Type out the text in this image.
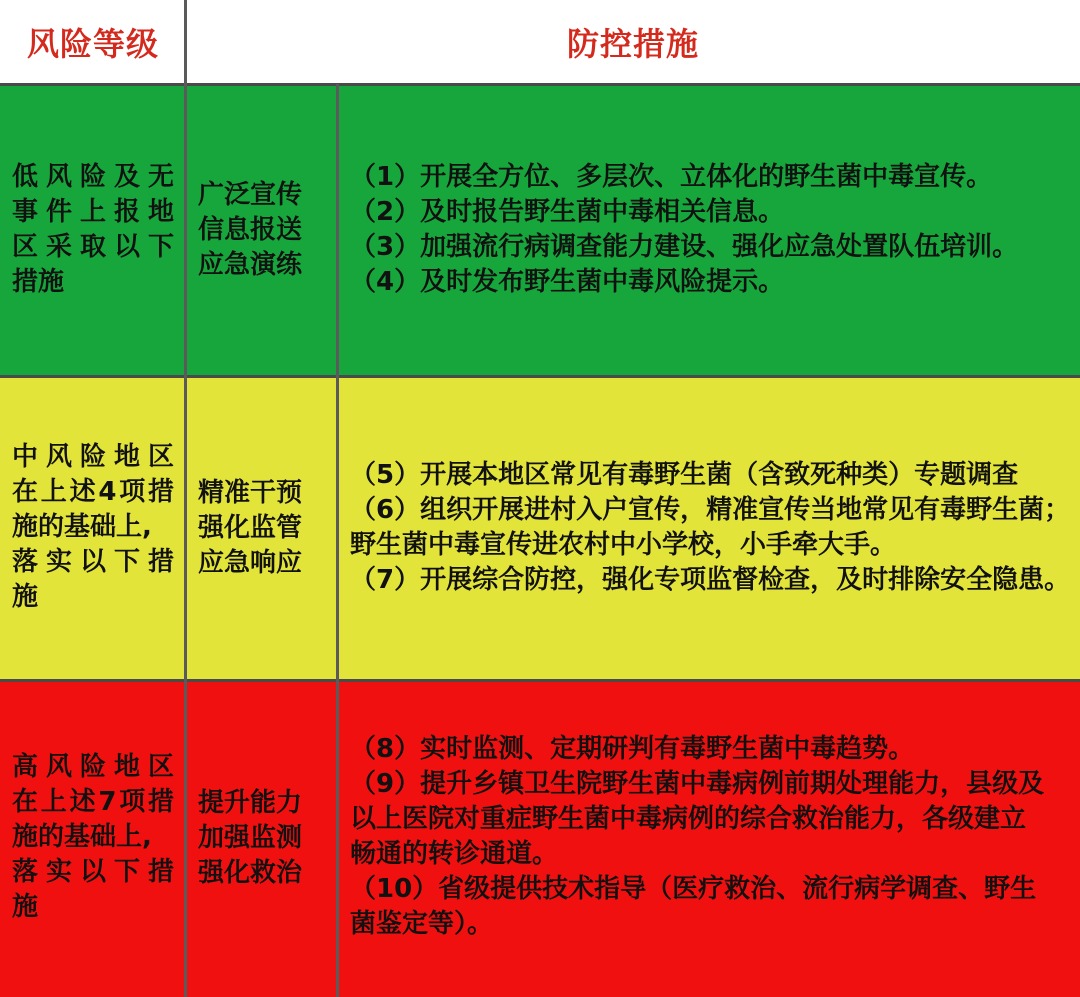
风险等级	防控措施
低风险及无
事件上报地
区采取以下
措施
广泛宣传
信息报送
应急演练
（1）开展全方位、多层次、立体化的野生菌中毒宣传。
（2）及时报告野生菌中毒相关信息。
（3）加强流行病调查能力建设、强化应急处置队伍培训。
（4）及时发布野生菌中毒风险提示。
中风险地区
在上述4项措
施的基础上,
落实以下措
施
精准干预
强化监管
应急响应
（5）开展本地区常见有毒野生菌（含致死种类）专题调查
（6）组织开展进村入户宣传，精准宣传当地常见有毒野生菌；
野生菌中毒宣传进农村中小学校，小手牵大手。
（7）开展综合防控，强化专项监督检查，及时排除安全隐患。
高风险地区
在上述7项措
施的基础上,
落实以下措
施
提升能力
加强监测
强化救治
（8）实时监测、定期研判有毒野生菌中毒趋势。
（9）提升乡镇卫生院野生菌中毒病例前期处理能力，县级及
以上医院对重症野生菌中毒病例的综合救治能力，各级建立
畅通的转诊通道。
（10）省级提供技术指导（医疗救治、流行病学调查、野生
菌鉴定等）。
